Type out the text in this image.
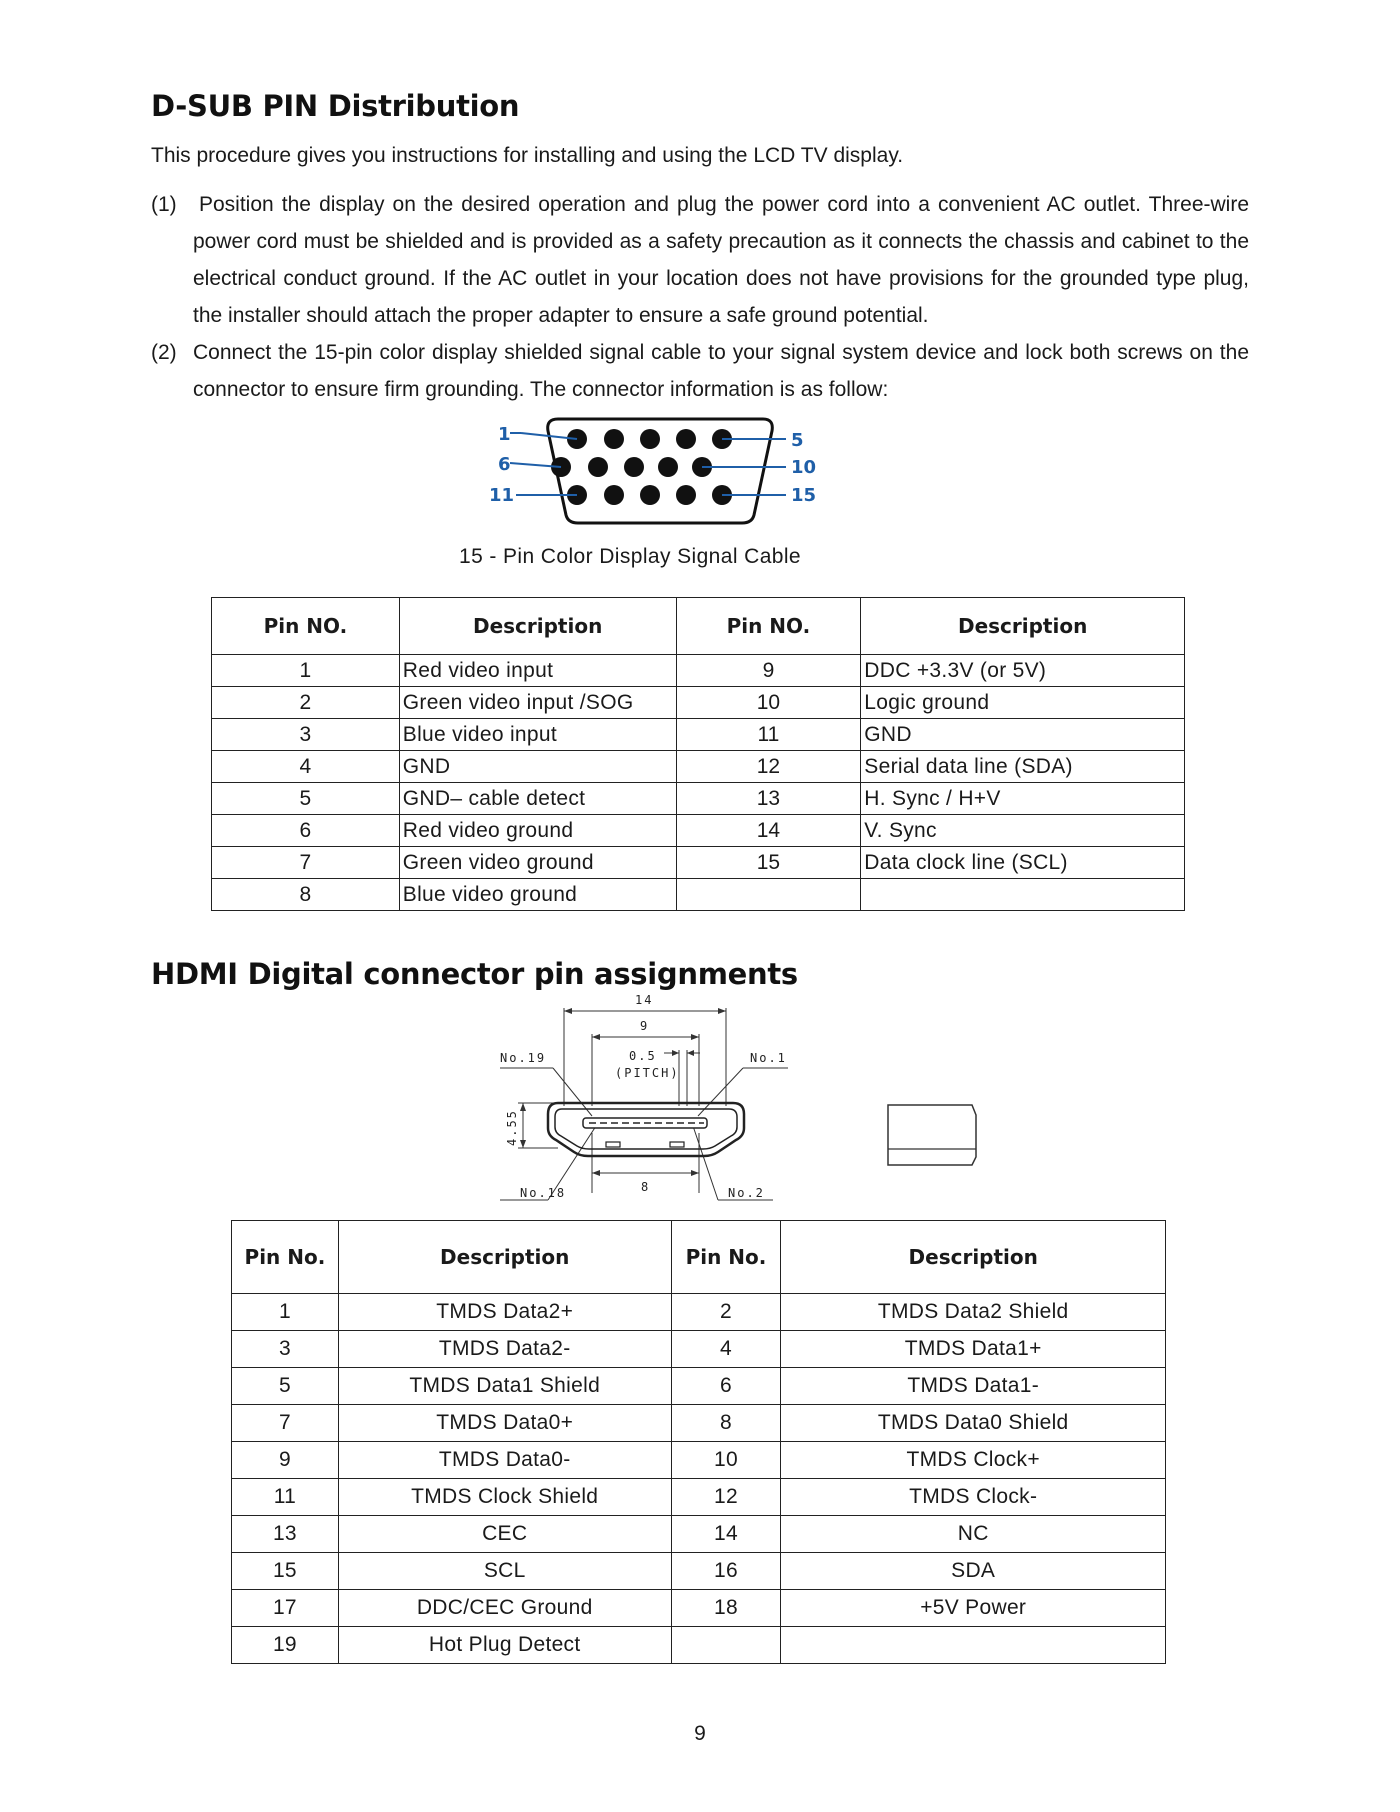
D-SUB PIN Distribution

This procedure gives you instructions for installing and using the LCD TV display.

(1) Position the display on the desired operation and plug the power cord into a convenient AC outlet. Three-wire power cord must be shielded and is provided as a safety precaution as it connects the chassis and cabinet to the electrical conduct ground. If the AC outlet in your location does not have provisions for the grounded type plug, the installer should attach the proper adapter to ensure a safe ground potential.

(2) Connect the 15-pin color display shielded signal cable to your signal system device and lock both screws on the connector to ensure firm grounding. The connector information is as follow:

1
6
11
5
10
15

15 - Pin Color Display Signal Cable

Pin NO.	Description	Pin NO.	Description
1	Red video input	9	DDC +3.3V (or 5V)
2	Green video input /SOG	10	Logic ground
3	Blue video input	11	GND
4	GND	12	Serial data line (SDA)
5	GND– cable detect	13	H. Sync / H+V
6	Red video ground	14	V. Sync
7	Green video ground	15	Data clock line (SCL)
8	Blue video ground		
HDMI Digital connector pin assignments
14
9
0.5
(PITCH)
8
No.19	No.1
No.18	No.2
4.55
Pin No.	Description	Pin No.	Description
1	TMDS Data2+	2	TMDS Data2 Shield
3	TMDS Data2-	4	TMDS Data1+
5	TMDS Data1 Shield	6	TMDS Data1-
7	TMDS Data0+	8	TMDS Data0 Shield
9	TMDS Data0-	10	TMDS Clock+
11	TMDS Clock Shield	12	TMDS Clock-
13	CEC	14	NC
15	SCL	16	SDA
17	DDC/CEC Ground	18	+5V Power
19	Hot Plug Detect		

9
